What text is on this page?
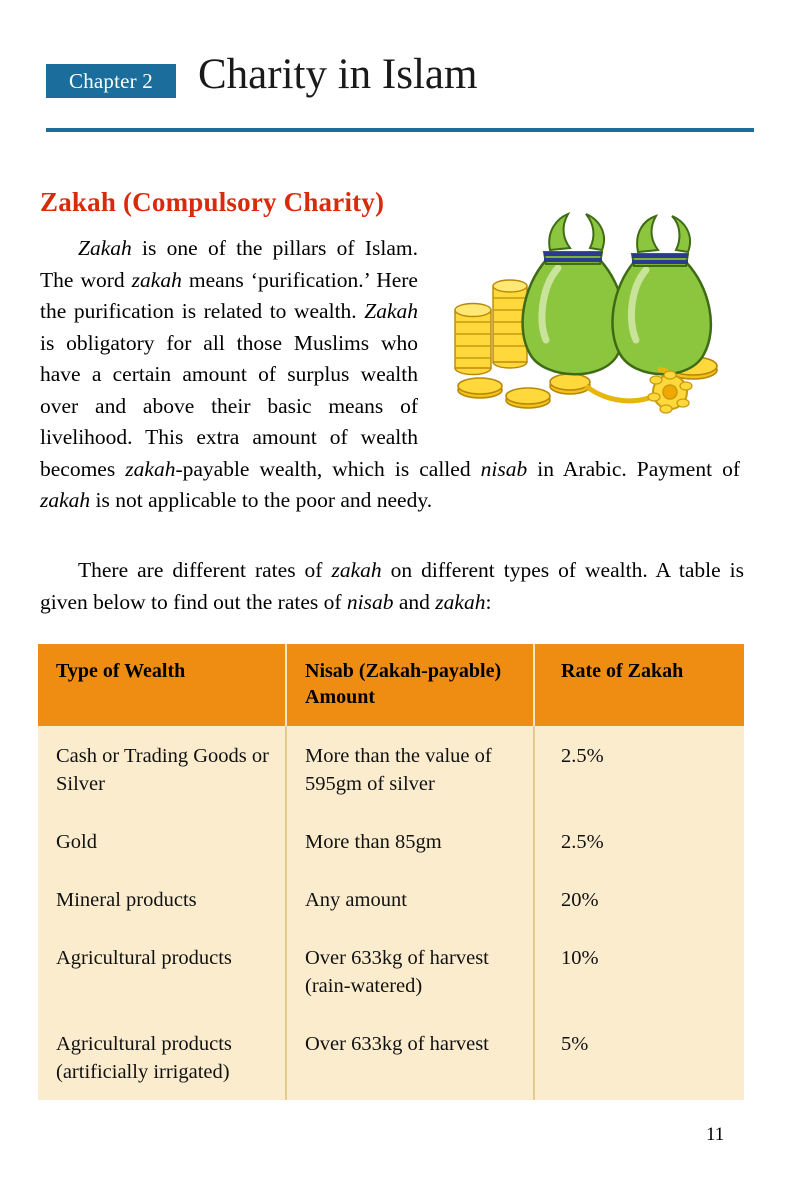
Chapter 2	Charity in Islam
Zakah (Compulsory Charity)

Zakah is one of the pillars of Islam. The word zakah means ‘purification.’ Here the purification is related to wealth. Zakah is obligatory for all those Muslims who have a certain amount of surplus wealth over and above their basic means of livelihood. This extra amount of wealth becomes zakah-payable wealth, which is called nisab in Arabic. Payment of zakah is not applicable to the poor and needy.

There are different rates of zakah on different types of wealth. A table is given below to find out the rates of nisab and zakah:

Type of Wealth	Nisab (Zakah-payable) Amount	Rate of Zakah
Cash or Trading Goods or Silver	More than the value of 595gm of silver	2.5%
Gold	More than 85gm	2.5%
Mineral products	Any amount	20%
Agricultural products	Over 633kg of harvest (rain-watered)	10%
Agricultural products (artificially irrigated)	Over 633kg of harvest	5%
11
